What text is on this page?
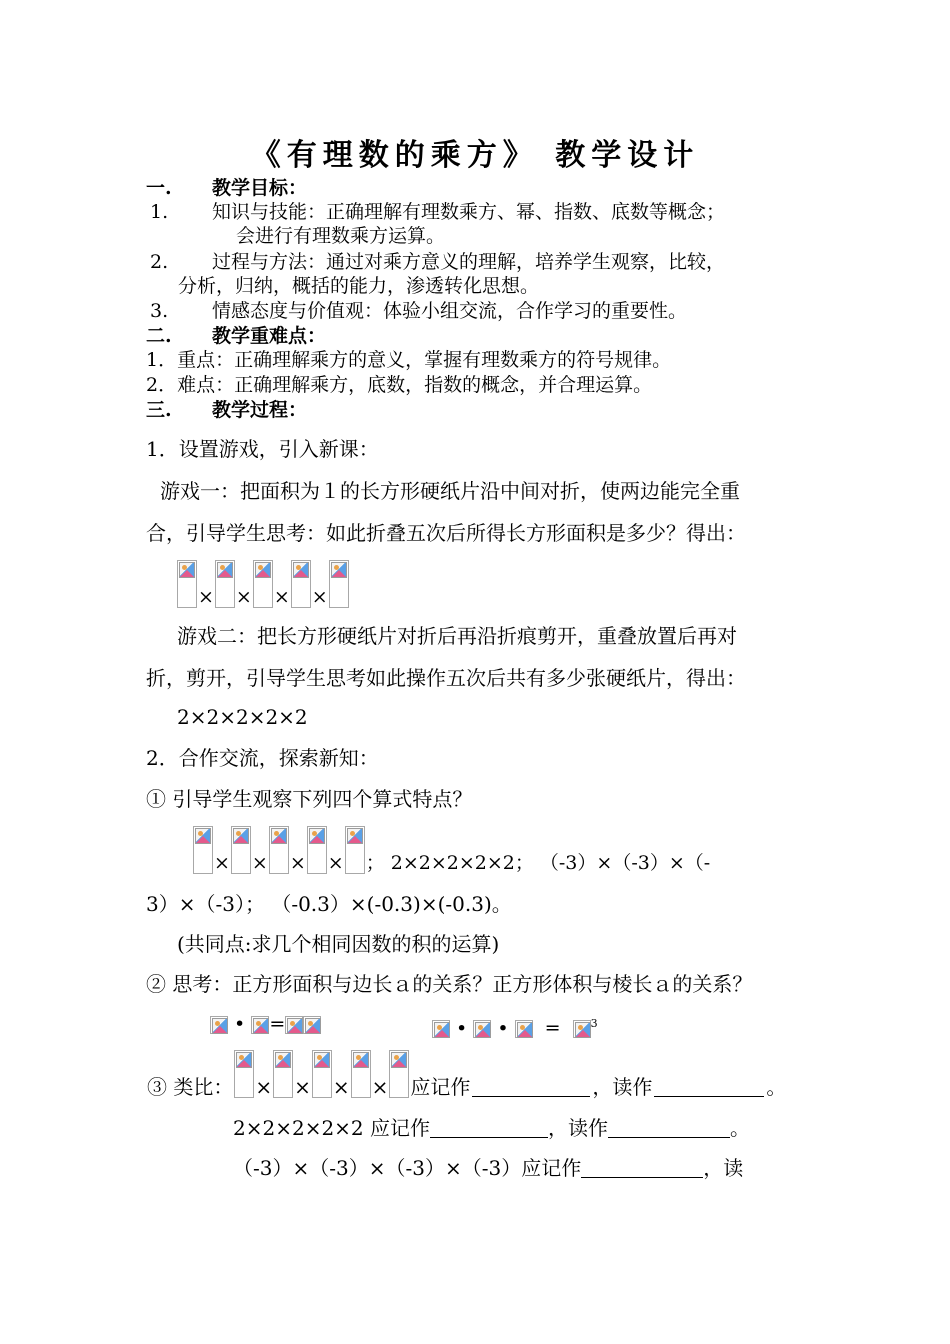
《有理数的乘方》 教学设计
一. 教学目标：
1. 知识与技能：正确理解有理数乘方、幂、指数、底数等概念；
会进行有理数乘方运算。
2. 过程与方法：通过对乘方意义的理解，培养学生观察，比较，
分析，归纳，概括的能力，渗透转化思想。
3. 情感态度与价值观：体验小组交流，合作学习的重要性。
二. 教学重难点：
1．重点：正确理解乘方的意义，掌握有理数乘方的符号规律。
2．难点：正确理解乘方，底数，指数的概念，并合理运算。
三. 教学过程：
1．设置游戏，引入新课：
游戏一：把面积为１的长方形硬纸片沿中间对折，使两边能完全重
合，引导学生思考：如此折叠五次后所得长方形面积是多少？得出：
× × × ×
游戏二：把长方形硬纸片对折后再沿折痕剪开，重叠放置后再对
折，剪开，引导学生思考如此操作五次后共有多少张硬纸片，得出：
2×2×2×2×2
2．合作交流，探索新知：
① 引导学生观察下列四个算式特点？
× × × × ； 2×2×2×2×2； （-3）×（-3）×（-
3）×（-3）； （-0.3）×(-0.3)×(-0.3)。
(共同点:求几个相同因数的积的运算)
② 思考：正方形面积与边长ａ的关系？正方形体积与棱长ａ的关系？
• =	• • =	$^3$
③ 类比： × × × × 应记作	，读作	。
2×2×2×2×2 应记作	，读作	。
（-3）×（-3）×（-3）×（-3）应记作	，读
